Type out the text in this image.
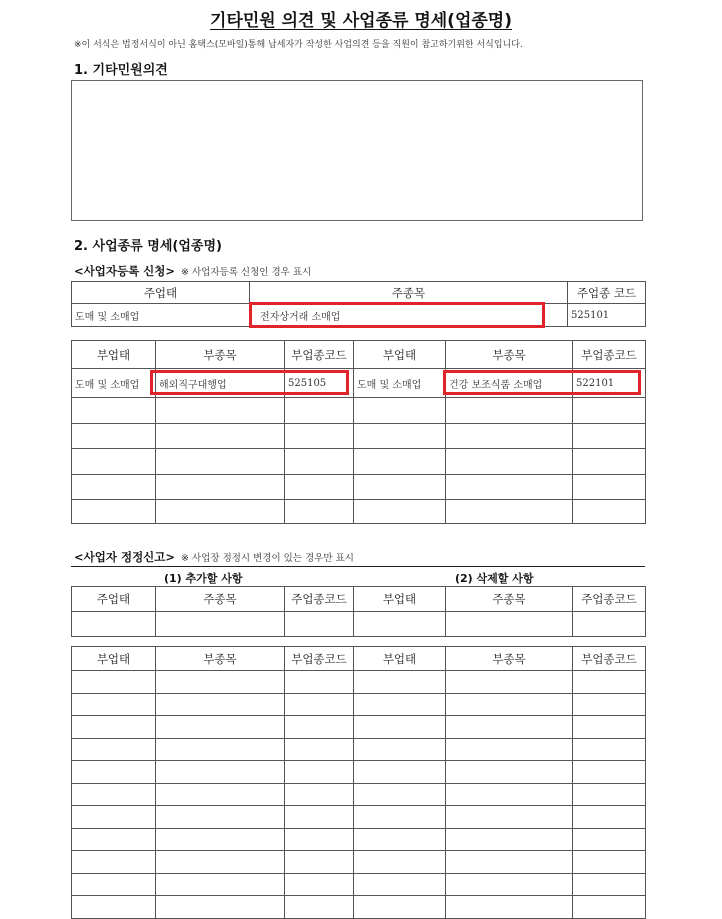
기타민원 의견 및 사업종류 명세(업종명)
※이 서식은 법정서식이 아닌 홈택스(모바일)통해 납세자가 작성한 사업의견 등을 직원이 참고하기위한 서식입니다.
1. 기타민원의견
2. 사업종류 명세(업종명)
<사업자등록 신청> ※ 사업자등록 신청인 경우 표시
주업태	주종목	주업종 코드
도매 및 소매업	전자상거래 소매업	525101
부업태	부종목	부업종코드	부업태	부종목	부업종코드
도매 및 소매업	해외직구대행업	525105	도매 및 소매업	건강 보조식품 소매업	522101

<사업자 정정신고> ※ 사업장 정정시 변경이 있는 경우만 표시
(1) 추가할 사항	(2) 삭제할 사항
주업태	주종목	주업종코드	부업태	주종목	주업종코드

부업태	부종목	부업종코드	부업태	부종목	부업종코드
